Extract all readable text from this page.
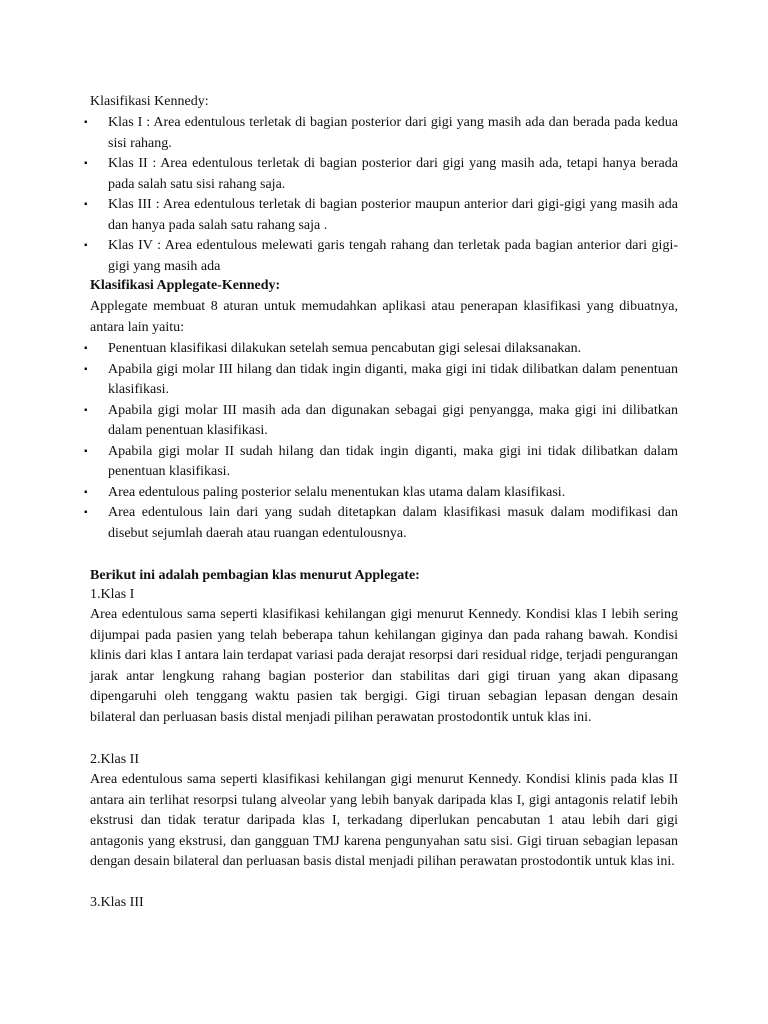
Klasifikasi Kennedy:

▪ Klas I : Area edentulous terletak di bagian posterior dari gigi yang masih ada dan berada pada kedua sisi rahang.
▪ Klas II : Area edentulous terletak di bagian posterior dari gigi yang masih ada, tetapi hanya berada pada salah satu sisi rahang saja.
▪ Klas III : Area edentulous terletak di bagian posterior maupun anterior dari gigi-gigi yang masih ada dan hanya pada salah satu rahang saja .
▪ Klas IV : Area edentulous melewati garis tengah rahang dan terletak pada bagian anterior dari gigi-gigi yang masih ada

Klasifikasi Applegate-Kennedy:

Applegate membuat 8 aturan untuk memudahkan aplikasi atau penerapan klasifikasi yang dibuatnya, antara lain yaitu:

▪ Penentuan klasifikasi dilakukan setelah semua pencabutan gigi selesai dilaksanakan.
▪ Apabila gigi molar III hilang dan tidak ingin diganti, maka gigi ini tidak dilibatkan dalam penentuan klasifikasi.
▪ Apabila gigi molar III masih ada dan digunakan sebagai gigi penyangga, maka gigi ini dilibatkan dalam penentuan klasifikasi.
▪ Apabila gigi molar II sudah hilang dan tidak ingin diganti, maka gigi ini tidak dilibatkan dalam penentuan klasifikasi.
▪ Area edentulous paling posterior selalu menentukan klas utama dalam klasifikasi.
▪ Area edentulous lain dari yang sudah ditetapkan dalam klasifikasi masuk dalam modifikasi dan disebut sejumlah daerah atau ruangan edentulousnya.

Berikut ini adalah pembagian klas menurut Applegate:

1.Klas I

Area edentulous sama seperti klasifikasi kehilangan gigi menurut Kennedy. Kondisi klas I lebih sering dijumpai pada pasien yang telah beberapa tahun kehilangan giginya dan pada rahang bawah. Kondisi klinis dari klas I antara lain terdapat variasi pada derajat resorpsi dari residual ridge, terjadi pengurangan jarak antar lengkung rahang bagian posterior dan stabilitas dari gigi tiruan yang akan dipasang dipengaruhi oleh tenggang waktu pasien tak bergigi. Gigi tiruan sebagian lepasan dengan desain bilateral dan perluasan basis distal menjadi pilihan perawatan prostodontik untuk klas ini.

2.Klas II

Area edentulous sama seperti klasifikasi kehilangan gigi menurut Kennedy. Kondisi klinis pada klas II antara ain terlihat resorpsi tulang alveolar yang lebih banyak daripada klas I, gigi antagonis relatif lebih ekstrusi dan tidak teratur daripada klas I, terkadang diperlukan pencabutan 1 atau lebih dari gigi antagonis yang ekstrusi, dan gangguan TMJ karena pengunyahan satu sisi. Gigi tiruan sebagian lepasan dengan desain bilateral dan perluasan basis distal menjadi pilihan perawatan prostodontik untuk klas ini.

3.Klas III
